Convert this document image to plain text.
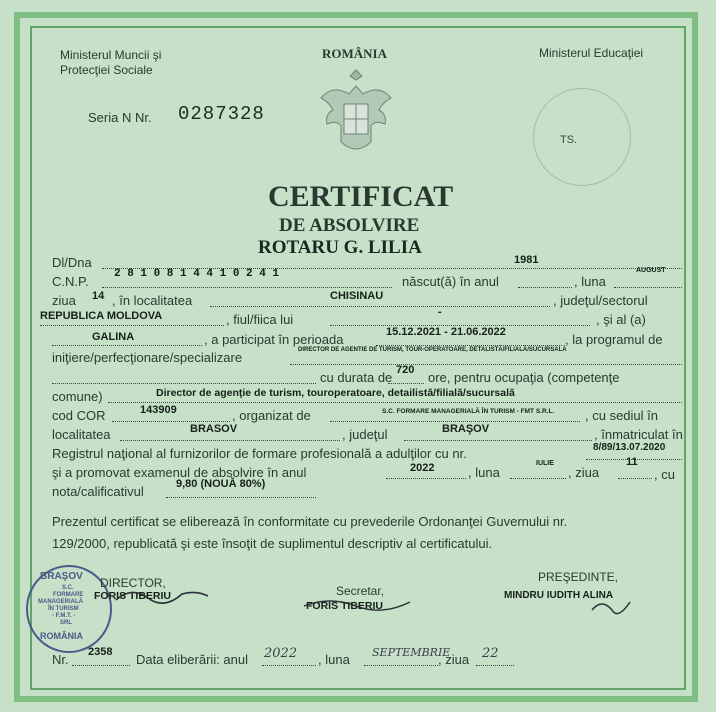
Ministerul Muncii şi
Protecţiei Sociale
ROMÂNIA	Ministerul Educaţiei
Seria N Nr. 0287328
TS.
CERTIFICAT
DE ABSOLVIRE
ROTARU G. LILIA
Dl/Dna	1981
C.N.P. 2 8 1 0 8 1 4 4 1 0 2 4 1	născut(ă) în anul	, luna
AUGUST
ziua 14 , în localitatea	CHISINAU	, judeţul/sectorul
REPUBLICA MOLDOVA	, fiul/fiica lui	-	, şi al (a)
GALINA	, a participat în perioada	15.12.2021 - 21.06.2022	, la programul de
iniţiere/perfecţionare/specializare	DIRECTOR DE AGENTIE DE TURISM, TOUR-OPERATOARE, DETALISTĂ/FILIALĂ/SUCURSALĂ
cu durata de 720 ore, pentru ocupaţia (competenţe
comune)	Director de agenţie de turism, touroperatoare, detailistă/filială/sucursală
cod COR	143909	, organizat de	S.C. FORMARE MANAGERIALĂ ÎN TURISM - FMT S.R.L. , cu sediul în
localitatea	BRASOV	, judeţul	BRAŞOV	, înmatriculat în
Registrul naţional al furnizorilor de formare profesională a adulţilor cu nr.	8/89/13.07.2020
şi a promovat examenul de absolvire în anul	2022	, luna
IULIE
, ziua
11
, cu
nota/calificativul	9,80 (NOUĂ 80%)
Prezentul certificat se eliberează în conformitate cu prevederile Ordonanţei Guvernului nr.
129/2000, republicată şi este însoţit de suplimentul descriptiv al certificatului.
BRAŞOV
S.C.
FORMARE
MANAGERIALĂ
ÎN TURISM
- F.M.T. -
SRL
ROMÂNIA
DIRECTOR,
FORIS TIBERIU	Secretar,
FORIS TIBERIU
PREŞEDINTE,
MINDRU IUDITH ALINA
Nr. 2358 Data eliberării: anul 2022 , luna SEPTEMBRIE
, ziua 22
